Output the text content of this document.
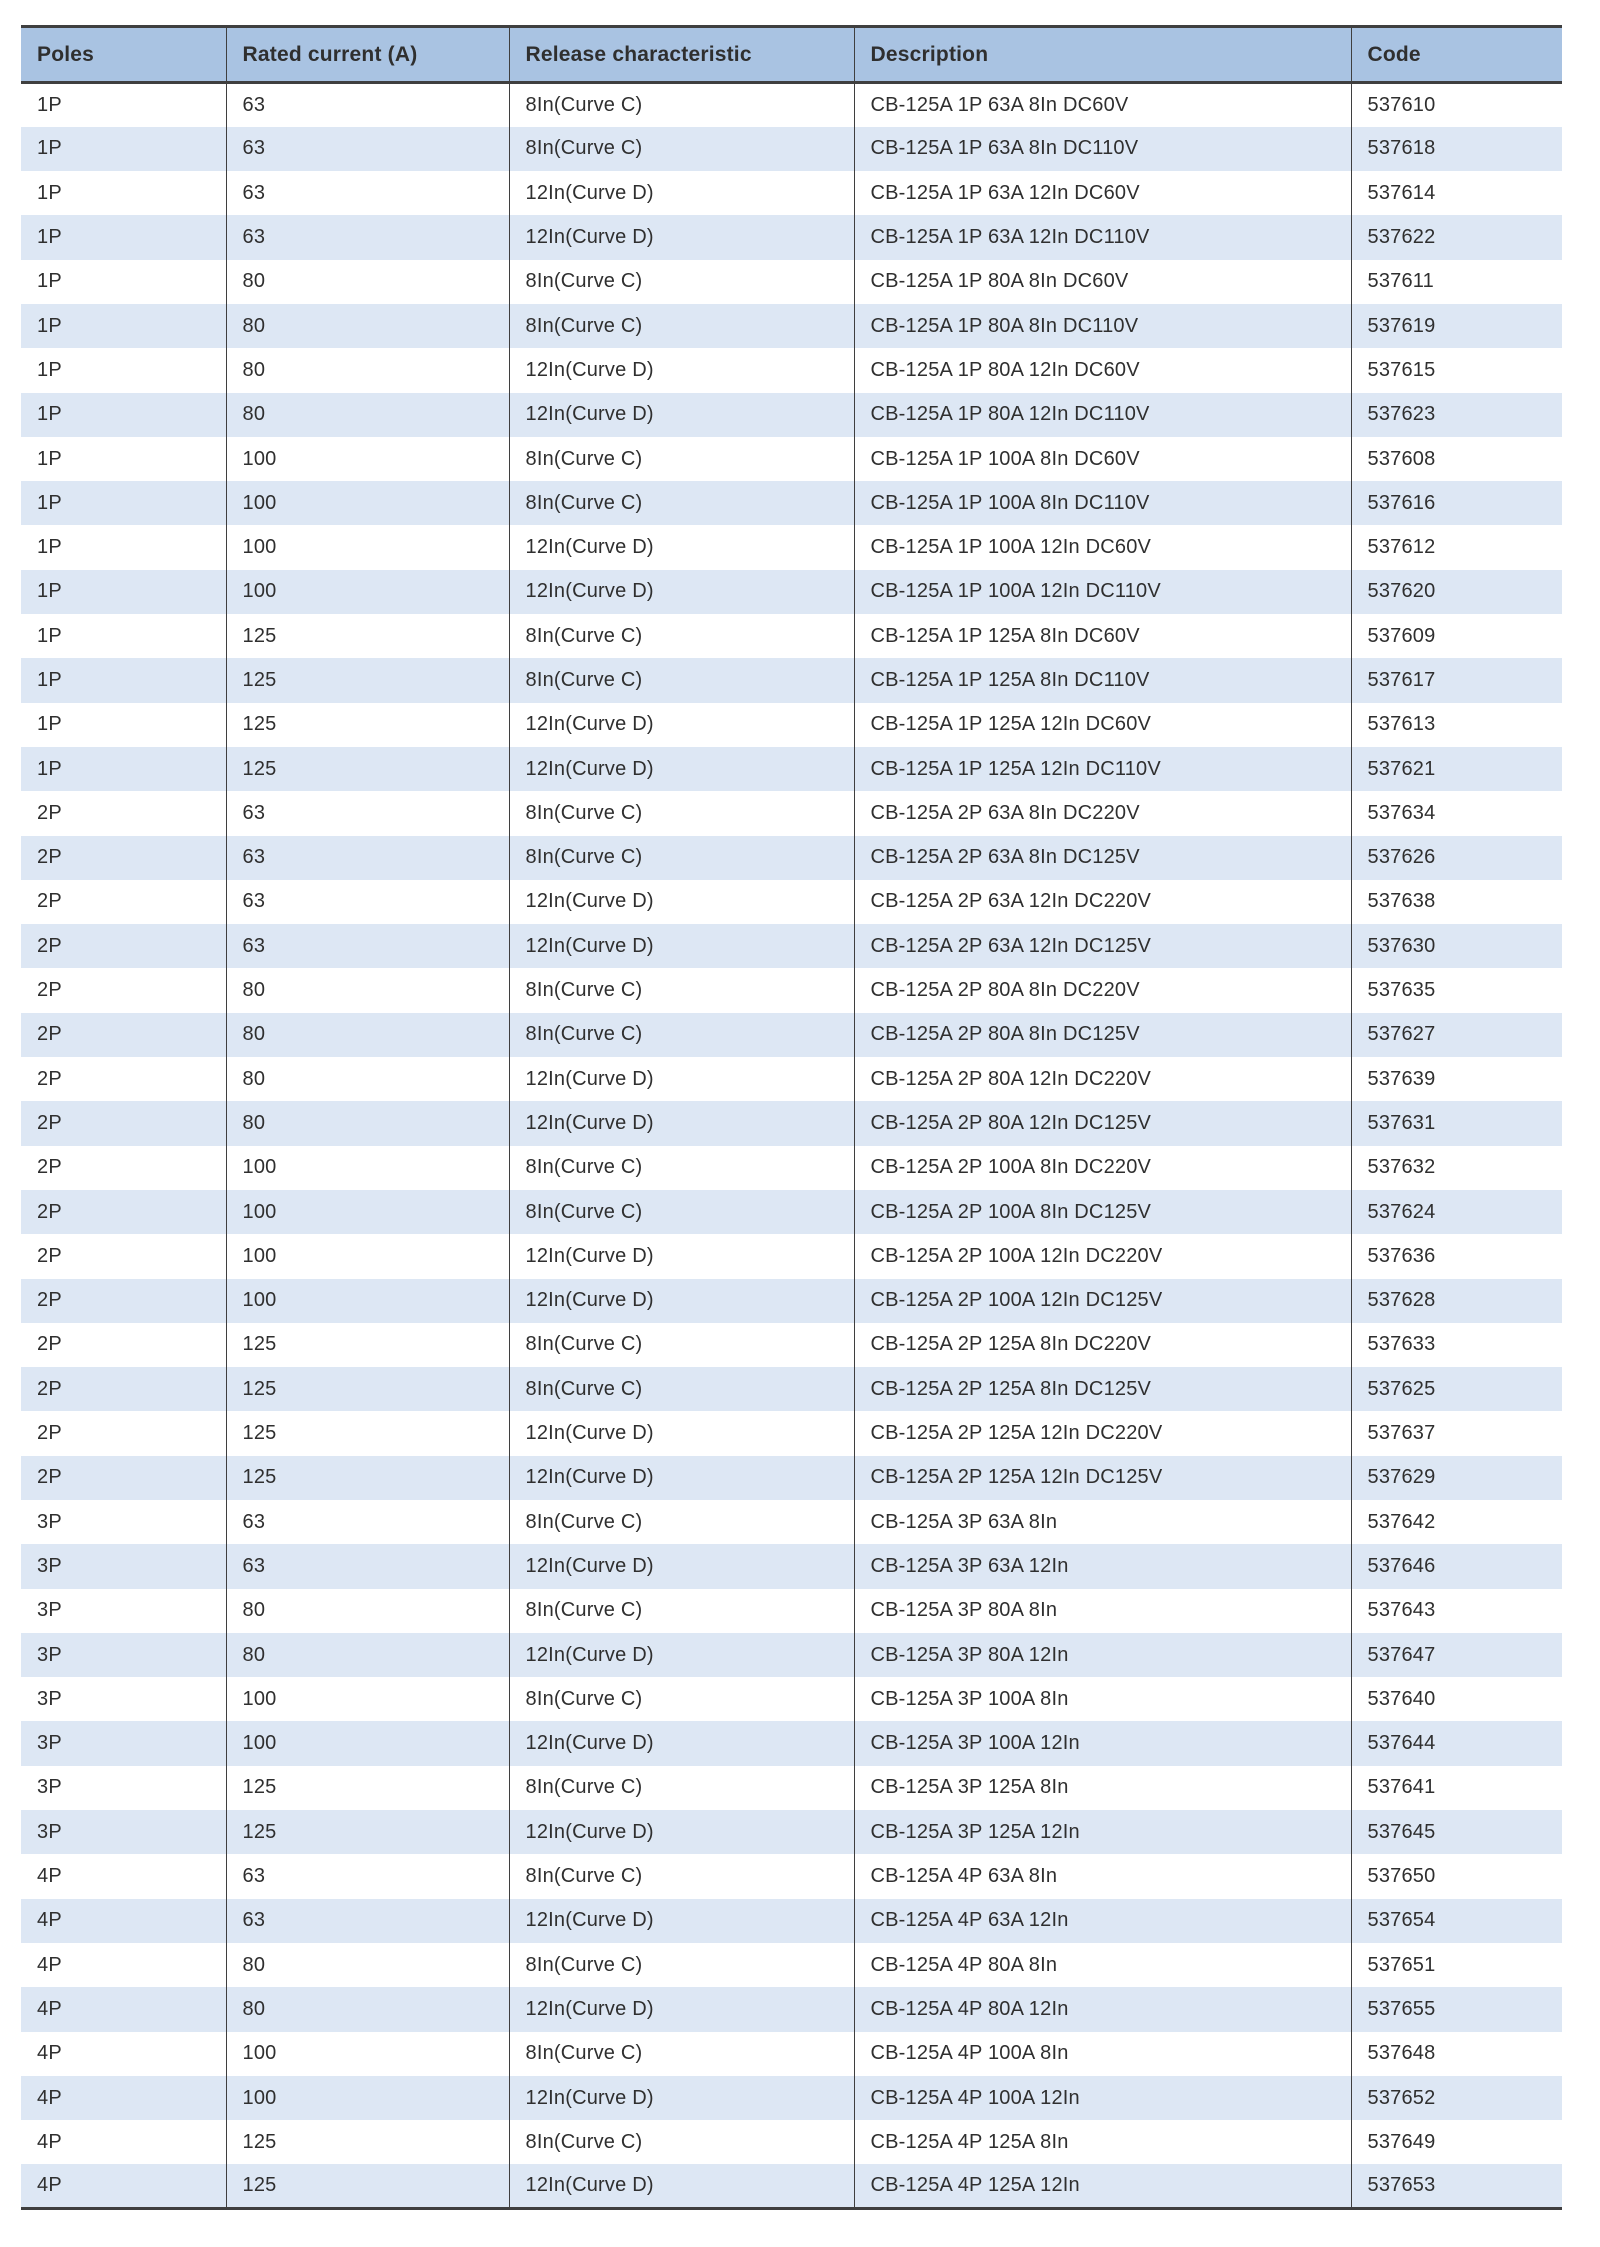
Poles	Rated current (A)	Release characteristic	Description	Code
1P	63	8In(Curve C)	CB-125A 1P 63A 8In DC60V	537610
1P	63	8In(Curve C)	CB-125A 1P 63A 8In DC110V	537618
1P	63	12In(Curve D)	CB-125A 1P 63A 12In DC60V	537614
1P	63	12In(Curve D)	CB-125A 1P 63A 12In DC110V	537622
1P	80	8In(Curve C)	CB-125A 1P 80A 8In DC60V	537611
1P	80	8In(Curve C)	CB-125A 1P 80A 8In DC110V	537619
1P	80	12In(Curve D)	CB-125A 1P 80A 12In DC60V	537615
1P	80	12In(Curve D)	CB-125A 1P 80A 12In DC110V	537623
1P	100	8In(Curve C)	CB-125A 1P 100A 8In DC60V	537608
1P	100	8In(Curve C)	CB-125A 1P 100A 8In DC110V	537616
1P	100	12In(Curve D)	CB-125A 1P 100A 12In DC60V	537612
1P	100	12In(Curve D)	CB-125A 1P 100A 12In DC110V	537620
1P	125	8In(Curve C)	CB-125A 1P 125A 8In DC60V	537609
1P	125	8In(Curve C)	CB-125A 1P 125A 8In DC110V	537617
1P	125	12In(Curve D)	CB-125A 1P 125A 12In DC60V	537613
1P	125	12In(Curve D)	CB-125A 1P 125A 12In DC110V	537621
2P	63	8In(Curve C)	CB-125A 2P 63A 8In DC220V	537634
2P	63	8In(Curve C)	CB-125A 2P 63A 8In DC125V	537626
2P	63	12In(Curve D)	CB-125A 2P 63A 12In DC220V	537638
2P	63	12In(Curve D)	CB-125A 2P 63A 12In DC125V	537630
2P	80	8In(Curve C)	CB-125A 2P 80A 8In DC220V	537635
2P	80	8In(Curve C)	CB-125A 2P 80A 8In DC125V	537627
2P	80	12In(Curve D)	CB-125A 2P 80A 12In DC220V	537639
2P	80	12In(Curve D)	CB-125A 2P 80A 12In DC125V	537631
2P	100	8In(Curve C)	CB-125A 2P 100A 8In DC220V	537632
2P	100	8In(Curve C)	CB-125A 2P 100A 8In DC125V	537624
2P	100	12In(Curve D)	CB-125A 2P 100A 12In DC220V	537636
2P	100	12In(Curve D)	CB-125A 2P 100A 12In DC125V	537628
2P	125	8In(Curve C)	CB-125A 2P 125A 8In DC220V	537633
2P	125	8In(Curve C)	CB-125A 2P 125A 8In DC125V	537625
2P	125	12In(Curve D)	CB-125A 2P 125A 12In DC220V	537637
2P	125	12In(Curve D)	CB-125A 2P 125A 12In DC125V	537629
3P	63	8In(Curve C)	CB-125A 3P 63A 8In	537642
3P	63	12In(Curve D)	CB-125A 3P 63A 12In	537646
3P	80	8In(Curve C)	CB-125A 3P 80A 8In	537643
3P	80	12In(Curve D)	CB-125A 3P 80A 12In	537647
3P	100	8In(Curve C)	CB-125A 3P 100A 8In	537640
3P	100	12In(Curve D)	CB-125A 3P 100A 12In	537644
3P	125	8In(Curve C)	CB-125A 3P 125A 8In	537641
3P	125	12In(Curve D)	CB-125A 3P 125A 12In	537645
4P	63	8In(Curve C)	CB-125A 4P 63A 8In	537650
4P	63	12In(Curve D)	CB-125A 4P 63A 12In	537654
4P	80	8In(Curve C)	CB-125A 4P 80A 8In	537651
4P	80	12In(Curve D)	CB-125A 4P 80A 12In	537655
4P	100	8In(Curve C)	CB-125A 4P 100A 8In	537648
4P	100	12In(Curve D)	CB-125A 4P 100A 12In	537652
4P	125	8In(Curve C)	CB-125A 4P 125A 8In	537649
4P	125	12In(Curve D)	CB-125A 4P 125A 12In	537653
